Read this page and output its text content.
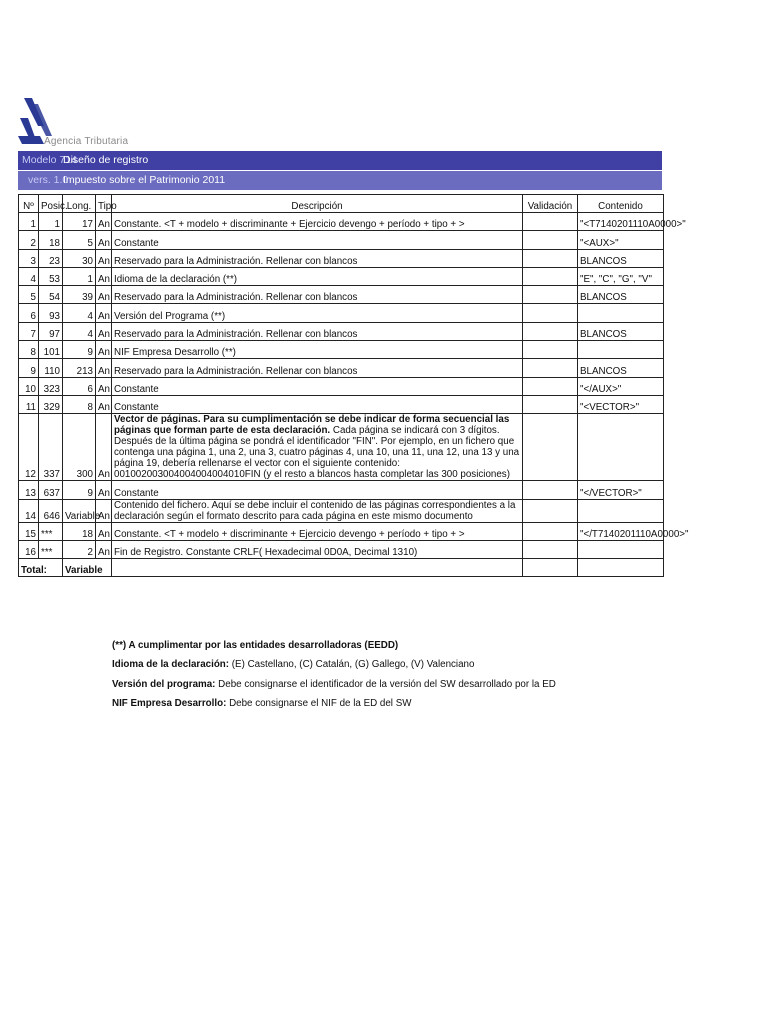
Agencia Tributaria
Modelo 714
Diseño de registro
vers. 1.0
Impuesto sobre el Patrimonio 2011
Nº	Posic.	Long.	Tipo	Descripción	Validación	Contenido
1	1	17	An	Constante. <T + modelo + discriminante + Ejercicio devengo + período + tipo + >		"<T7140201110A0000>"
2	18	5	An	Constante		"<AUX>"
3	23	30	An	Reservado para la Administración. Rellenar con blancos		BLANCOS
4	53	1	An	Idioma de la declaración (**)		"E", "C", "G", "V"
5	54	39	An	Reservado para la Administración. Rellenar con blancos		BLANCOS
6	93	4	An	Versión del Programa (**)		
7	97	4	An	Reservado para la Administración. Rellenar con blancos		BLANCOS
8	101	9	An	NIF Empresa Desarrollo (**)		
9	110	213	An	Reservado para la Administración. Rellenar con blancos		BLANCOS
10	323	6	An	Constante		"</AUX>"
11	329	8	An	Constante		"<VECTOR>"
12	337	300	An	Vector de páginas. Para su cumplimentación se debe indicar de forma secuencial las páginas que forman parte de esta declaración. Cada página se indicará con 3 dígitos. Después de la última página se pondrá el identificador "FIN". Por ejemplo, en un fichero que contenga una página 1, una 2, una 3, cuatro páginas 4, una 10, una 11, una 12, una 13 y una página 19, debería rellenarse el vector con el siguiente contenido: 001002003004004004004010FIN (y el resto a blancos hasta completar las 300 posiciones)		
13	637	9	An	Constante		"</VECTOR>"
14	646	Variable	An	Contenido del fichero. Aquí se debe incluir el contenido de las páginas correspondientes a la declaración según el formato descrito para cada página en este mismo documento		
15	***	18	An	Constante. <T + modelo + discriminante + Ejercicio devengo + período + tipo + >		"</T7140201110A0000>"
16	***	2	An	Fin de Registro. Constante CRLF( Hexadecimal 0D0A, Decimal 1310)		
Total:		Variable				
(**) A cumplimentar por las entidades desarrolladoras (EEDD)
Idioma de la declaración: (E) Castellano, (C) Catalán, (G) Gallego, (V) Valenciano
Versión del programa: Debe consignarse el identificador de la versión del SW desarrollado por la ED
NIF Empresa Desarrollo: Debe consignarse el NIF de la ED del SW
